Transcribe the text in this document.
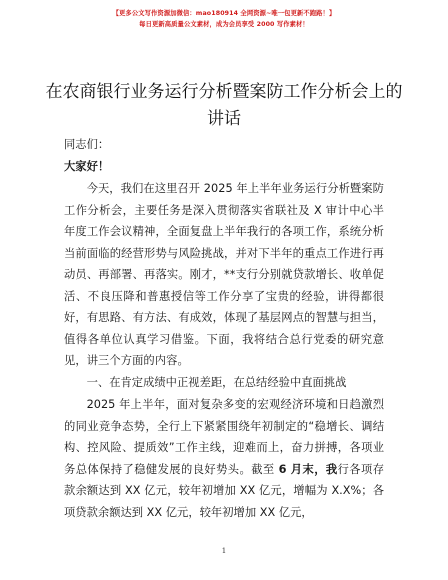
【更多公文写作资源加微信：mao180914 全网资源~唯一包更新不跑路！】
每日更新高质量公文素材，成为会员享受 2000 写作素材！
在农商银行业务运行分析暨案防工作分析会上的讲话
同志们：
大家好！
今天，我们在这里召开 2025 年上半年业务运行分析暨案防工作分析会，主要任务是深入贯彻落实省联社及 X 审计中心半年度工作会议精神，全面复盘上半年我行的各项工作，系统分析当前面临的经营形势与风险挑战，并对下半年的重点工作进行再动员、再部署、再落实。刚才，**支行分别就贷款增长、收单促活、不良压降和普惠授信等工作分享了宝贵的经验，讲得都很好，有思路、有方法、有成效，体现了基层网点的智慧与担当，值得各单位认真学习借鉴。下面，我将结合总行党委的研究意见，讲三个方面的内容。
一、在肯定成绩中正视差距，在总结经验中直面挑战
2025 年上半年，面对复杂多变的宏观经济环境和日趋激烈的同业竞争态势，全行上下紧紧围绕年初制定的“稳增长、调结构、控风险、提质效”工作主线，迎难而上，奋力拼搏，各项业务总体保持了稳健发展的良好势头。截至 6 月末，我行各项存款余额达到 XX 亿元，较年初增加 XX 亿元，增幅为 X.X%；各项贷款余额达到 XX 亿元，较年初增加 XX 亿元，
1
